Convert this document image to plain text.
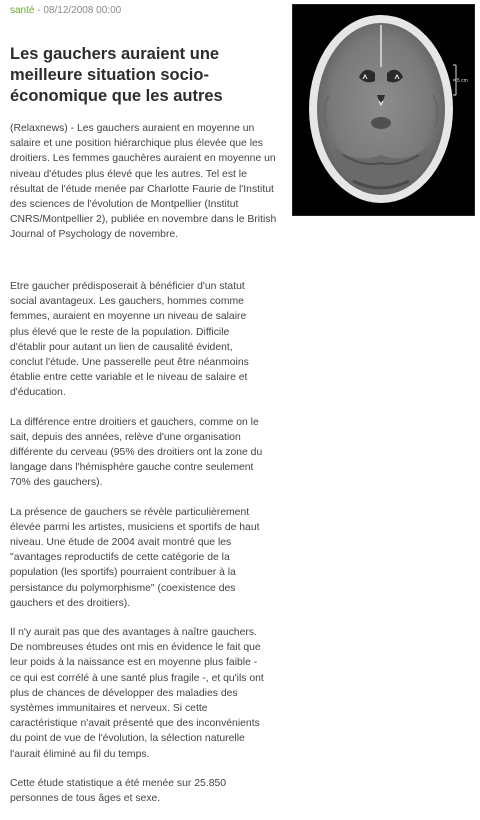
santé - 08/12/2008 00:00
Les gauchers auraient une meilleure situation socio-économique que les autres
5 cm

(Relaxnews) - Les gauchers auraient en moyenne un salaire et une position hiérarchique plus élevée que les droitiers. Les femmes gauchères auraient en moyenne un niveau d'études plus élevé que les autres. Tel est le résultat de l'étude menée par Charlotte Faurie de l'Institut des sciences de l'évolution de Montpellier (Institut CNRS/Montpellier 2), publiée en novembre dans le British Journal of Psychology de novembre.

Etre gaucher prédisposerait à bénéficier d'un statut social avantageux. Les gauchers, hommes comme femmes, auraient en moyenne un niveau de salaire plus élevé que le reste de la population. Difficile d'établir pour autant un lien de causalité évident, conclut l'étude. Une passerelle peut être néanmoins établie entre cette variable et le niveau de salaire et d'éducation.

La différence entre droitiers et gauchers, comme on le sait, depuis des années, relève d'une organisation différente du cerveau (95% des droitiers ont la zone du langage dans l'hémisphère gauche contre seulement 70% des gauchers).

La présence de gauchers se révèle particulièrement élevée parmi les artistes, musiciens et sportifs de haut niveau. Une étude de 2004 avait montré que les "avantages reproductifs de cette catégorie de la population (les sportifs) pourraient contribuer à la persistance du polymorphisme" (coexistence des gauchers et des droitiers).

Il n'y aurait pas que des avantages à naître gauchers. De nombreuses études ont mis en évidence le fait que leur poids à la naissance est en moyenne plus faible - ce qui est corrélé à une santé plus fragile -, et qu'ils ont plus de chances de développer des maladies des systèmes immunitaires et nerveux. Si cette caractéristique n'avait présenté que des inconvénients du point de vue de l'évolution, la sélection naturelle l'aurait éliminé au fil du temps.

Cette étude statistique a été menée sur 25.850 personnes de tous âges et sexe.
